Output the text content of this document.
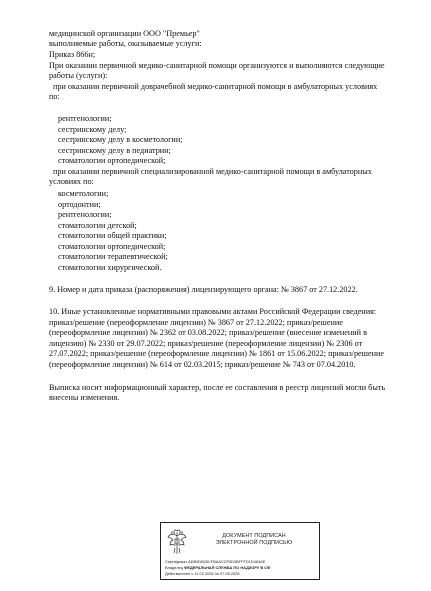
медицинской организации ООО "Премьер"
выполняемые работы, оказываемые услуги:
Приказ 866н;
При оказании первичной медико-санитарной помощи организуются и выполняются следующие
работы (услуги):
при оказании первичной доврачебной медико-санитарной помощи в амбулаторных условиях
по:
рентгенологии;
сестринскому делу;
сестринскому делу в косметологии;
сестринскому делу в педиатрии;
стоматологии ортопедической;
при оказании первичной специализированной медико-санитарной помощи в амбулаторных
условиях по:
косметологии;
ортодонтии;
рентгенологии;
стоматологии детской;
стоматологии общей практики;
стоматологии ортопедической;
стоматологии терапевтической;
стоматологии хирургической.
9. Номер и дата приказа (распоряжения) лицензирующего органа: № 3867 от 27.12.2022.
10. Иные установленные нормативными правовыми актами Российской Федерации сведения:
приказ/решение (переоформление лицензии) № 3867 от 27.12.2022; приказ/решение
(переоформление лицензии) № 2362 от 03.08.2022; приказ/решение (внесение изменений в
лицензию) № 2330 от 29.07.2022; приказ/решение (переоформление лицензии) № 2306 от
27.07.2022; приказ/решение (переоформление лицензии) № 1861 от 15.06.2022; приказ/решение
(переоформление лицензии) № 614 от 02.03.2015; приказ/решение № 743 от 07.04.2010.
Выписка носит информационный характер, после ее составления в реестр лицензий могли быть
внесены изменения.
ДОКУМЕНТ ПОДПИСАН
ЭЛЕКТРОННОЙ ПОДПИСЬЮ
Сертификат ADB0DB25CFBAACCF5D4BFFFD1D463AE
Владелец ФЕДЕРАЛЬНАЯ СЛУЖБА ПО НАДЗОРУ В СФ
Действителен с 11.02.2025 по 07.05.2026
